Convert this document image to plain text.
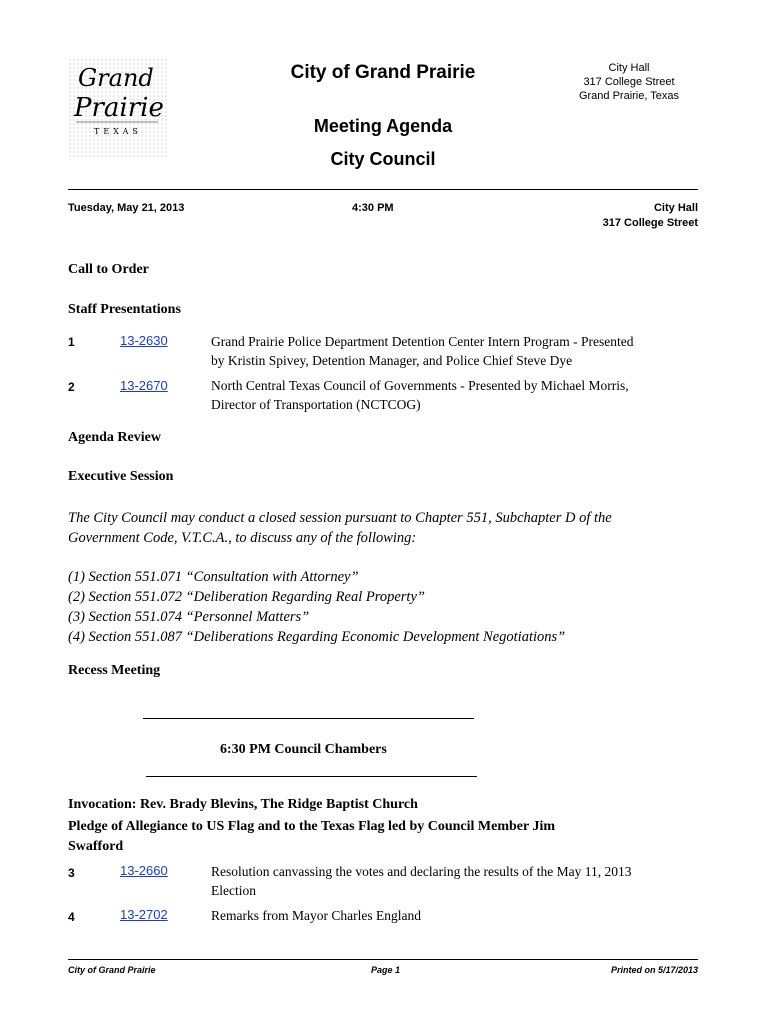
Grand
Prairie
TEXAS
City of Grand Prairie	City Hall
317 College Street
Grand Prairie, Texas
Meeting Agenda
City Council
Tuesday, May 21, 2013	4:30 PM	City Hall
317 College Street
Call to Order
Staff Presentations
1	13-2630	Grand Prairie Police Department Detention Center Intern Program - Presented
by Kristin Spivey, Detention Manager, and Police Chief Steve Dye
2	13-2670	North Central Texas Council of Governments - Presented by Michael Morris,
Director of Transportation (NCTCOG)
Agenda Review
Executive Session
The City Council may conduct a closed session pursuant to Chapter 551, Subchapter D of the
Government Code, V.T.C.A., to discuss any of the following:
(1) Section 551.071 “Consultation with Attorney”
(2) Section 551.072 “Deliberation Regarding Real Property”
(3) Section 551.074 “Personnel Matters”
(4) Section 551.087 “Deliberations Regarding Economic Development Negotiations”
Recess Meeting
6:30 PM Council Chambers
Invocation: Rev. Brady Blevins, The Ridge Baptist Church
Pledge of Allegiance to US Flag and to the Texas Flag led by Council Member Jim
Swafford
3	13-2660	Resolution canvassing the votes and declaring the results of the May 11, 2013
Election
4	13-2702	Remarks from Mayor Charles England
City of Grand Prairie	Page 1	Printed on 5/17/2013
